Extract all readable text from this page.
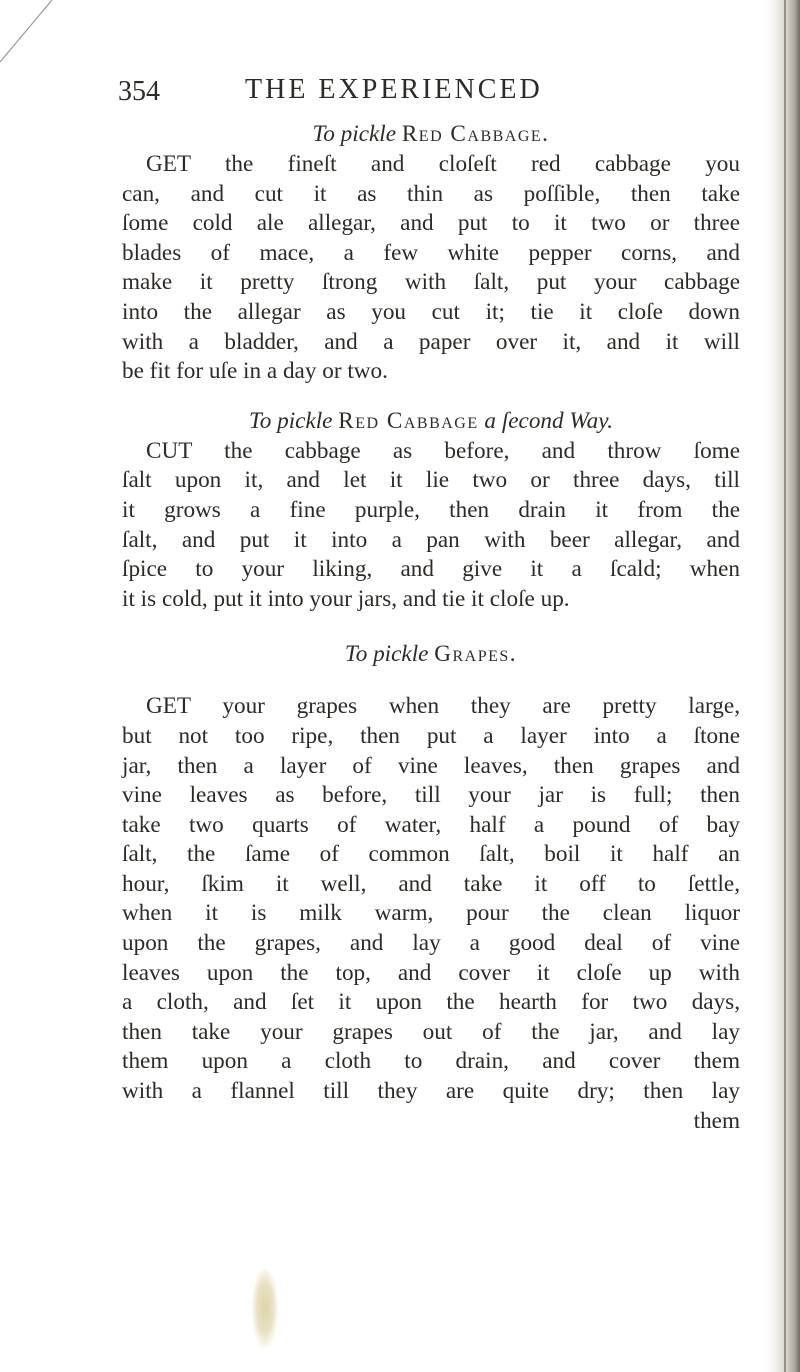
354	THE EXPERIENCED

To pickle Red Cabbage.

GET the fineſt and cloſeſt red cabbage you
can, and cut it as thin as poſſible, then take
ſome cold ale allegar, and put to it two or three
blades of mace, a few white pepper corns, and
make it pretty ſtrong with ſalt, put your cabbage
into the allegar as you cut it; tie it cloſe down
with a bladder, and a paper over it, and it will
be fit for uſe in a day or two.

To pickle Red Cabbage a ſecond Way.

CUT the cabbage as before, and throw ſome
ſalt upon it, and let it lie two or three days, till
it grows a fine purple, then drain it from the
ſalt, and put it into a pan with beer allegar, and
ſpice to your liking, and give it a ſcald; when
it is cold, put it into your jars, and tie it cloſe up.

To pickle Grapes.

GET your grapes when they are pretty large,
but not too ripe, then put a layer into a ſtone
jar, then a layer of vine leaves, then grapes and
vine leaves as before, till your jar is full; then
take two quarts of water, half a pound of bay
ſalt, the ſame of common ſalt, boil it half an
hour, ſkim it well, and take it off to ſettle,
when it is milk warm, pour the clean liquor
upon the grapes, and lay a good deal of vine
leaves upon the top, and cover it cloſe up with
a cloth, and ſet it upon the hearth for two days,
then take your grapes out of the jar, and lay
them upon a cloth to drain, and cover them
with a flannel till they are quite dry; then lay
them
